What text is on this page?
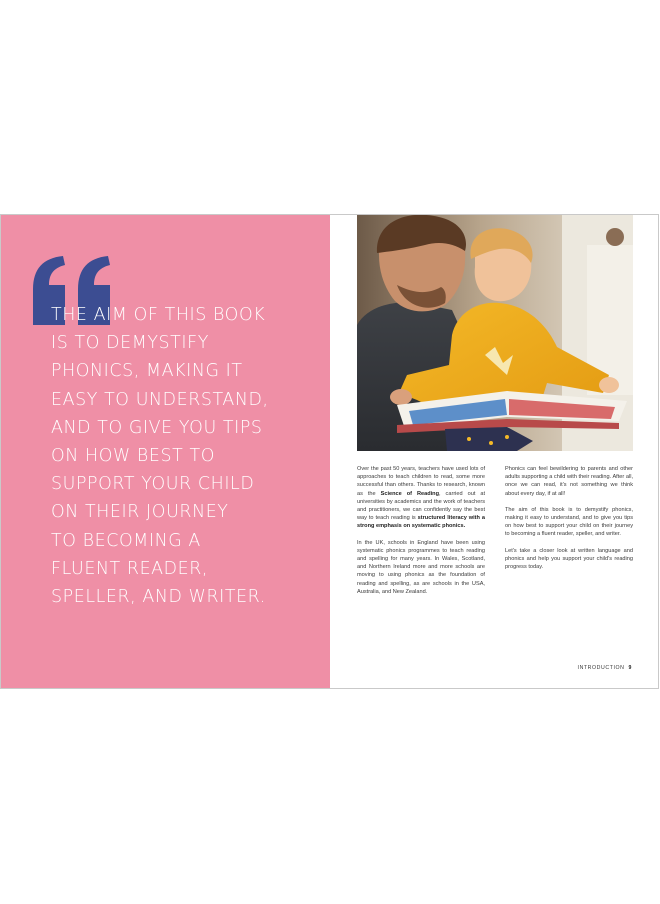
THE AIM OF THIS BOOK
IS TO DEMYSTIFY
PHONICS, MAKING IT
EASY TO UNDERSTAND,
AND TO GIVE YOU TIPS
ON HOW BEST TO
SUPPORT YOUR CHILD
ON THEIR JOURNEY
TO BECOMING A
FLUENT READER,
SPELLER, AND WRITER.

Over the past 50 years, teachers have used lots of approaches to teach children to read, some more successful than others. Thanks to research, known as the Science of Reading, carried out at universities by academics and the work of teachers and practitioners, we can confidently say the best way to teach reading is structured literacy with a strong emphasis on systematic phonics.

In the UK, schools in England have been using systematic phonics programmes to teach reading and spelling for many years. In Wales, Scotland, and Northern Ireland more and more schools are moving to using phonics as the foundation of reading and spelling, as are schools in the USA, Australia, and New Zealand.

Phonics can feel bewildering to parents and other adults supporting a child with their reading. After all, once we can read, it's not something we think about every day, if at all!

The aim of this book is to demystify phonics, making it easy to understand, and to give you tips on how best to support your child on their journey to becoming a fluent reader, speller, and writer.

Let's take a closer look at written language and phonics and help you support your child's reading progress today.

INTRODUCTION 9
